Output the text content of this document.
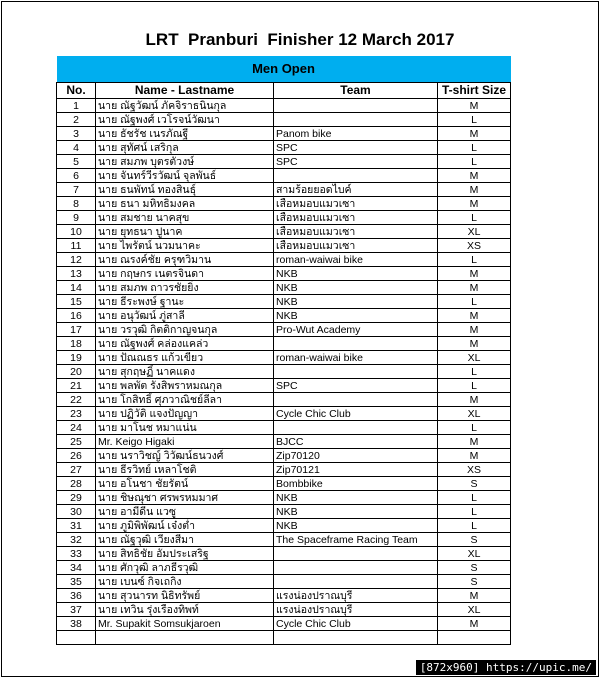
LRT  Pranburi  Finisher 12 March 2017
Men Open			
No.	Name - Lastname	Team	T-shirt Size
1	นาย ณัฐวัฒน์ ภัคจิราธนินกุล		M
2	นาย ณัฐพงศ์ เวโรจน์วัฒนา		L
3	นาย ธัชรัช เนรภัณฐี	Panom bike	M
4	นาย สุทัศน์ เสริกุล	SPC	L
5	นาย สมภพ บุตรตัวงษ์	SPC	L
6	นาย จันทร์วีรวัฒน์ จุลพันธ์		M
7	นาย ธนพัทน์ ทองสินธุ์	สามร้อยยอดไบค์	M
8	นาย ธนา มหิทธิมงคล	เสือหมอบแมวเซา	M
9	นาย สมชาย นาคสุข	เสือหมอบแมวเซา	L
10	นาย ยุทธนา ปูนาค	เสือหมอบแมวเซา	XL
11	นาย ไพรัตน์ นวมนาคะ	เสือหมอบแมวเซา	XS
12	นาย ณรงค์ชัย ครุฑวิมาน	roman-waiwai bike	L
13	นาย กฤษกร เนตรจินดา	NKB	M
14	นาย สมภพ ถาวรชัยยิ่ง	NKB	M
15	นาย ธีระพงษ์ ฐานะ	NKB	L
16	นาย อนุวัฒน์ ภู่สาลี	NKB	M
17	นาย วรวุฒิ กิตติกาญจนกุล	Pro-Wut Academy	M
18	นาย ณัฐพงศ์ คล่องแคล่ว		M
19	นาย ปัณณธร แก้วเขียว	roman-waiwai bike	XL
20	นาย สุกฤษฏิ์ นาคแดง		L
21	นาย พลพัต รังสิพราหมณกุล	SPC	L
22	นาย โกสิทธิ์ ศุภวาณิชย์ลีลา		M
23	นาย ปฏิวัติ แจงปัญญา	Cycle Chic Club	XL
24	นาย มาโนช หมาแน่น		L
25	Mr. Keigo Higaki	BJCC	M
26	นาย นราวิชญ์ วิวัฒน์ธนวงศ์	Zip70120	M
27	นาย ธีรวิทย์ เหลาโชติ	Zip70121	XS
28	นาย อโนชา ชัยรัตน์	Bombbike	S
29	นาย ชิษณุชา ศรพรหมมาศ	NKB	L
30	นาย อามีดีน แวซู	NKB	L
31	นาย ภูมิพิพัฒน์ เจ๋งต่ำ	NKB	L
32	นาย ณัฐวุฒิ เวียงสีมา	The Spaceframe Racing Team	S
33	นาย สิทธิชัย อัมประเสริฐ		XL
34	นาย ศักวุฒิ ลาภธีรวุฒิ		S
35	นาย เบนซ์ กิจเถกิง		S
36	นาย สุวนารท นิธิทรัพย์	แรงน่องปราณบุรี	M
37	นาย เทวิน รุ่งเรืองทิพท์	แรงน่องปราณบุรี	XL
38	Mr. Supakit Somsukjaroen	Cycle Chic Club	M

[872x960] https://upic.me/
